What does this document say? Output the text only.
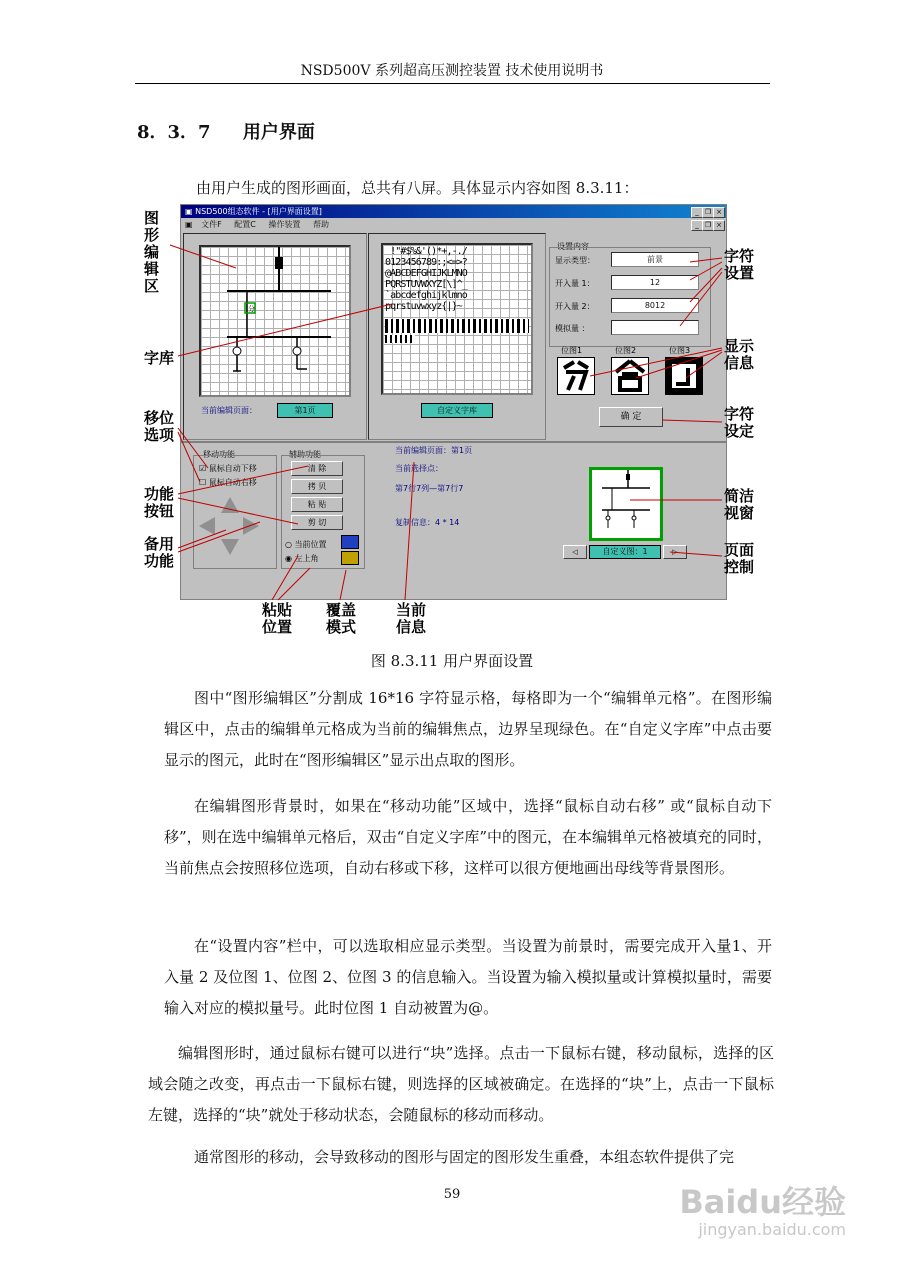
NSD500V 系列超高压测控装置 技术使用说明书
8．3．7 用户界面
由用户生成的图形画面，总共有八屏。具体显示内容如图 8.3.11：
▣ NSD500组态软件 - [用户界面设置]	_ ❐ ×
▣ 文件F 配置C 操作装置 帮助	_ ❐ ×
分
当前编辑页面：	第1页
!"#$%&'()*+,-./
0123456789:;<=>?
@ABCDEFGHIJKLMNO
PQRSTUVWXYZ[\]^_
`abcdefghijklmno
pqrstuvwxyz{|}~
自定义字库
设置内容
显示类型：	前景
开入量 1：	12
开入量 2：	8012
模拟量 ：
位图1	位图2	位图3
确 定
移动功能
☑ 鼠标自动下移
☐ 鼠标自动右移
辅助功能
清 除
拷 贝
粘 贴
剪 切
○ 当前位置
◉ 左上角
当前编辑页面：第1页
当前选择点：
第7行7列—第7行7
复制信息：4 * 14
◁	自定义图：1	▷
图形编辑区
字库
移位选项
功能按钮
备用功能
粘贴位置
覆盖模式
当前信息
字符设置
显示信息
字符设定
简洁视窗
页面控制
图 8.3.11 用户界面设置
图中“图形编辑区”分割成 16*16 字符显示格，每格即为一个“编辑单元格”。在图形编辑区中，点击的编辑单元格成为当前的编辑焦点，边界呈现绿色。在“自定义字库”中点击要显示的图元，此时在“图形编辑区”显示出点取的图形。
在编辑图形背景时，如果在“移动功能”区域中，选择“鼠标自动右移” 或“鼠标自动下移”，则在选中编辑单元格后，双击“自定义字库”中的图元，在本编辑单元格被填充的同时，当前焦点会按照移位选项，自动右移或下移，这样可以很方便地画出母线等背景图形。
在“设置内容”栏中，可以选取相应显示类型。当设置为前景时，需要完成开入量1、开入量 2 及位图 1、位图 2、位图 3 的信息输入。当设置为输入模拟量或计算模拟量时，需要输入对应的模拟量号。此时位图 1 自动被置为@。
编辑图形时，通过鼠标右键可以进行“块”选择。点击一下鼠标右键，移动鼠标，选择的区域会随之改变，再点击一下鼠标右键，则选择的区域被确定。在选择的“块”上，点击一下鼠标左键，选择的“块”就处于移动状态，会随鼠标的移动而移动。
通常图形的移动，会导致移动的图形与固定的图形发生重叠，本组态软件提供了完
59	Baidu经验
jingyan.baidu.com
